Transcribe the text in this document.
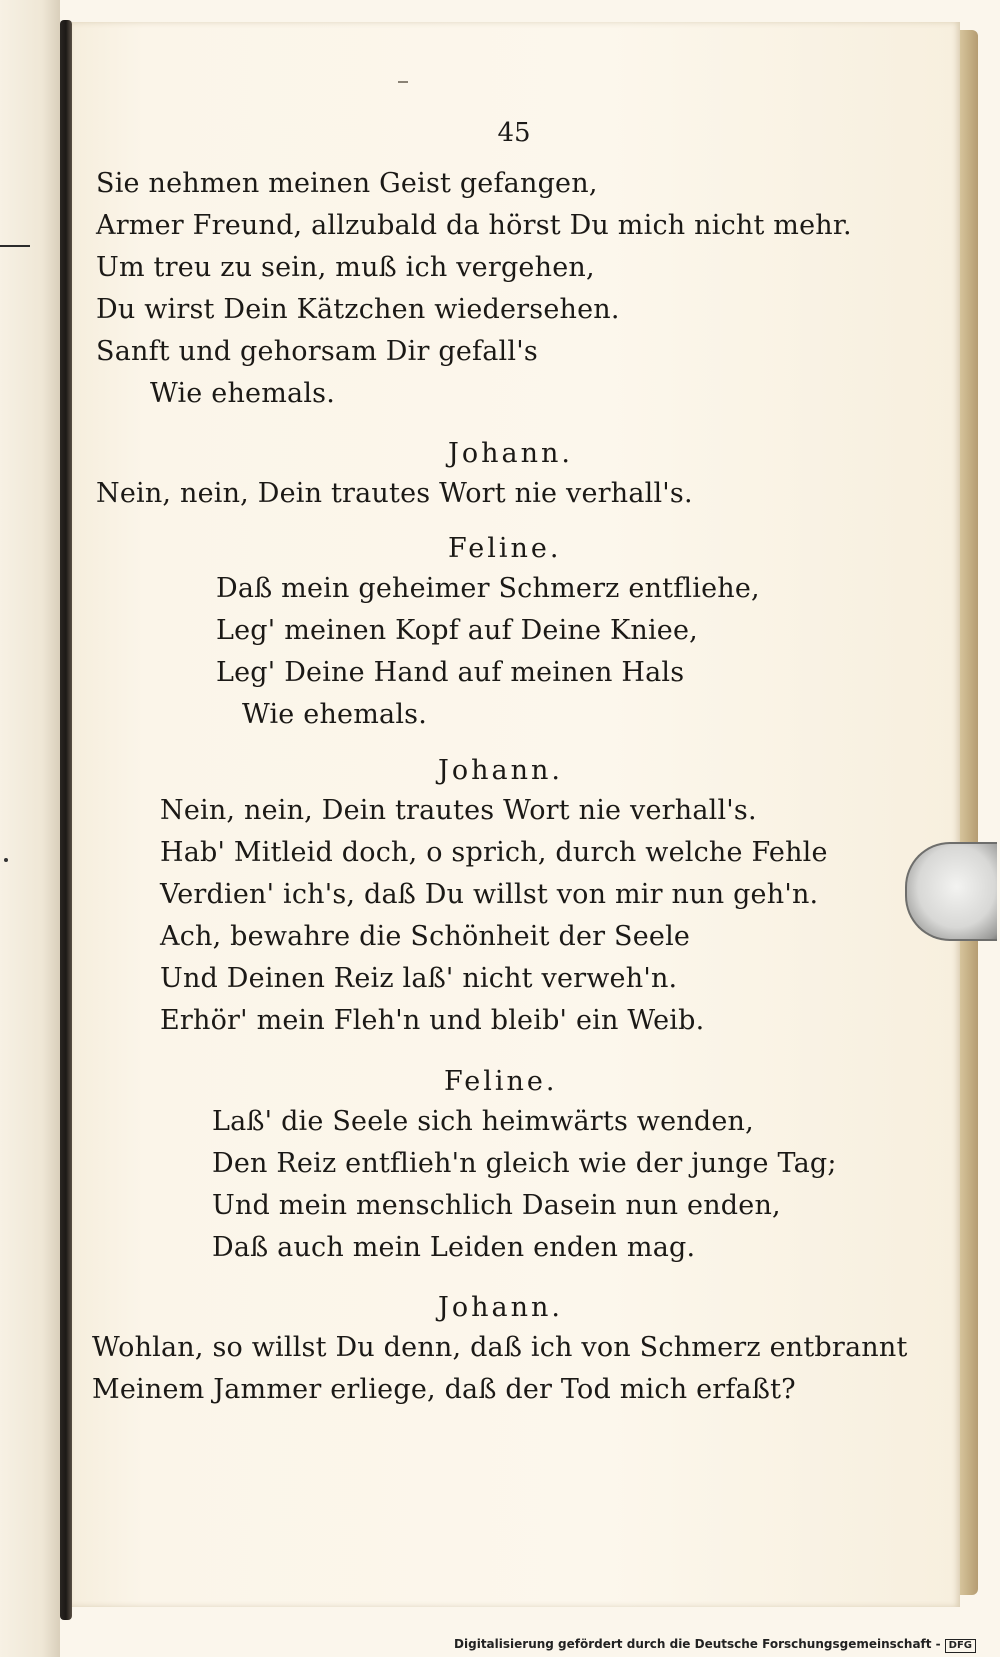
45
Sie nehmen meinen Geist gefangen,
Armer Freund, allzubald da hörst Du mich nicht mehr.
Um treu zu sein, muß ich vergehen,
Du wirst Dein Kätzchen wiedersehen.
Sanft und gehorsam Dir gefall's
Wie ehemals.
Johann.
Nein, nein, Dein trautes Wort nie verhall's.
Feline.
Daß mein geheimer Schmerz entfliehe,
Leg' meinen Kopf auf Deine Kniee,
Leg' Deine Hand auf meinen Hals
Wie ehemals.
Johann.
Nein, nein, Dein trautes Wort nie verhall's.
Hab' Mitleid doch, o sprich, durch welche Fehle
Verdien' ich's, daß Du willst von mir nun geh'n.
Ach, bewahre die Schönheit der Seele
Und Deinen Reiz laß' nicht verweh'n.
Erhör' mein Fleh'n und bleib' ein Weib.
Feline.
Laß' die Seele sich heimwärts wenden,
Den Reiz entflieh'n gleich wie der junge Tag;
Und mein menschlich Dasein nun enden,
Daß auch mein Leiden enden mag.
Johann.
Wohlan, so willst Du denn, daß ich von Schmerz entbrannt
Meinem Jammer erliege, daß der Tod mich erfaßt?
Digitalisierung gefördert durch die Deutsche Forschungsgemeinschaft - DFG
